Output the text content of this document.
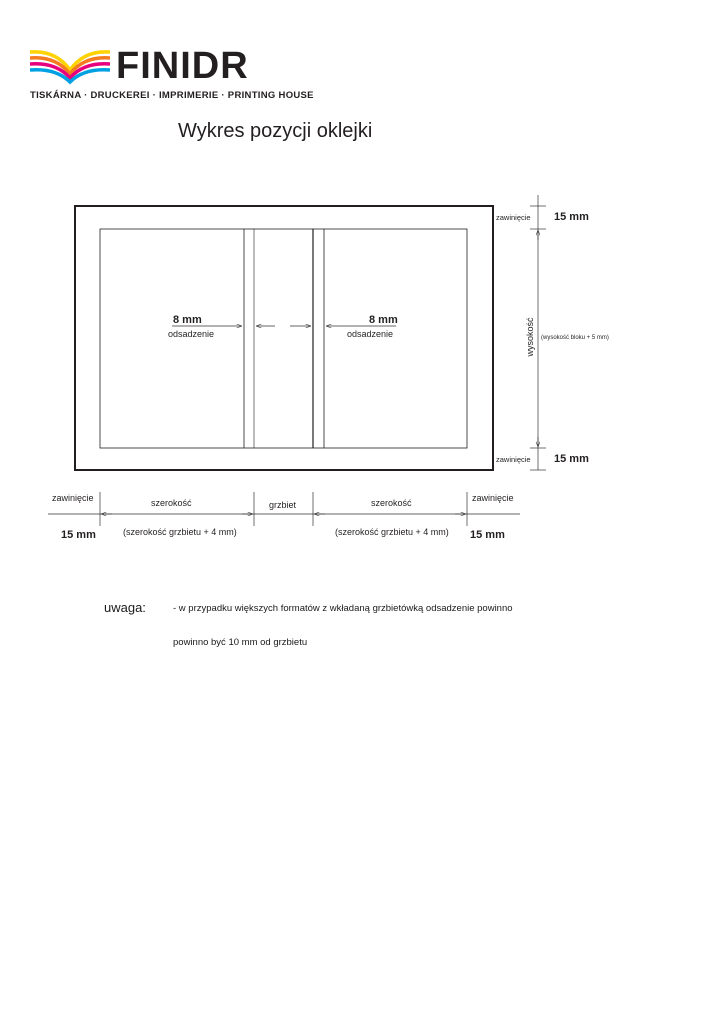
FINIDR
TISKÁRNA · DRUCKEREI · IMPRIMERIE · PRINTING HOUSE
Wykres pozycji oklejki
8 mm
odsadzenie
8 mm
odsadzenie
zawinięcie 15 mm
zawinięcie 15 mm
wysokość (wysokość bloku + 5 mm)
zawinięcie
15 mm
szerokość
(szerokość grzbietu + 4 mm)
grzbiet	szerokość
(szerokość grzbietu + 4 mm)
zawinięcie
15 mm
uwaga:	- w przypadku większych formatów z wkładaną grzbietówką odsadzenie powinno
powinno być 10 mm od grzbietu
